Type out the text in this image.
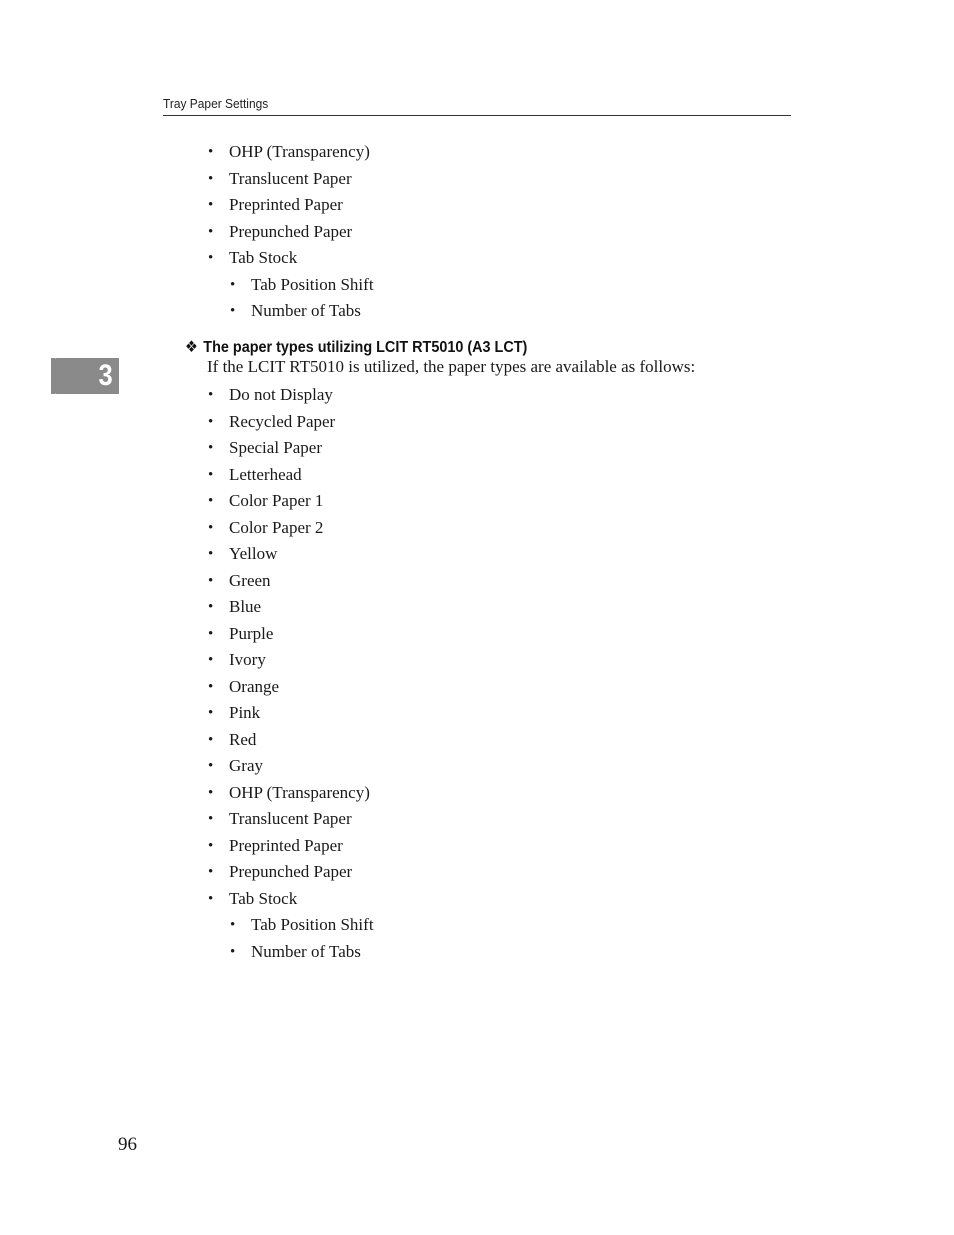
Tray Paper Settings
3
• OHP (Transparency)
• Translucent Paper
• Preprinted Paper
• Prepunched Paper
• Tab Stock
• Tab Position Shift
• Number of Tabs
❖ The paper types utilizing LCIT RT5010 (A3 LCT)
If the LCIT RT5010 is utilized, the paper types are available as follows:
• Do not Display
• Recycled Paper
• Special Paper
• Letterhead
• Color Paper 1
• Color Paper 2
• Yellow
• Green
• Blue
• Purple
• Ivory
• Orange
• Pink
• Red
• Gray
• OHP (Transparency)
• Translucent Paper
• Preprinted Paper
• Prepunched Paper
• Tab Stock
• Tab Position Shift
• Number of Tabs
96
